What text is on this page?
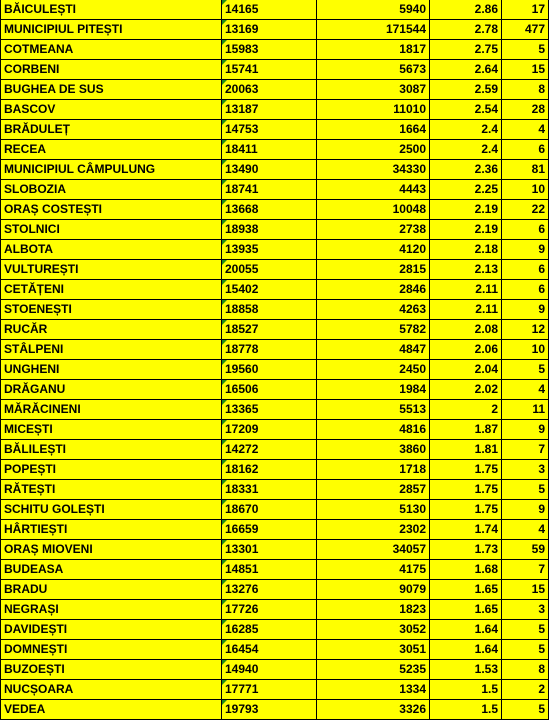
BĂICULEȘTI	14165	5940	2.86	17
MUNICIPIUL PITEȘTI	13169	171544	2.78	477
COTMEANA	15983	1817	2.75	5
CORBENI	15741	5673	2.64	15
BUGHEA DE SUS	20063	3087	2.59	8
BASCOV	13187	11010	2.54	28
BRĂDULEȚ	14753	1664	2.4	4
RECEA	18411	2500	2.4	6
MUNICIPIUL CÂMPULUNG	13490	34330	2.36	81
SLOBOZIA	18741	4443	2.25	10
ORAȘ COSTEȘTI	13668	10048	2.19	22
STOLNICI	18938	2738	2.19	6
ALBOTA	13935	4120	2.18	9
VULTUREȘTI	20055	2815	2.13	6
CETĂȚENI	15402	2846	2.11	6
STOENEȘTI	18858	4263	2.11	9
RUCĂR	18527	5782	2.08	12
STÂLPENI	18778	4847	2.06	10
UNGHENI	19560	2450	2.04	5
DRĂGANU	16506	1984	2.02	4
MĂRĂCINENI	13365	5513	2	11
MICEȘTI	17209	4816	1.87	9
BĂLILEȘTI	14272	3860	1.81	7
POPEȘTI	18162	1718	1.75	3
RĂTEȘTI	18331	2857	1.75	5
SCHITU GOLEȘTI	18670	5130	1.75	9
HÂRTIEȘTI	16659	2302	1.74	4
ORAȘ MIOVENI	13301	34057	1.73	59
BUDEASA	14851	4175	1.68	7
BRADU	13276	9079	1.65	15
NEGRAȘI	17726	1823	1.65	3
DAVIDEȘTI	16285	3052	1.64	5
DOMNEȘTI	16454	3051	1.64	5
BUZOEȘTI	14940	5235	1.53	8
NUCȘOARA	17771	1334	1.5	2
VEDEA	19793	3326	1.5	5
